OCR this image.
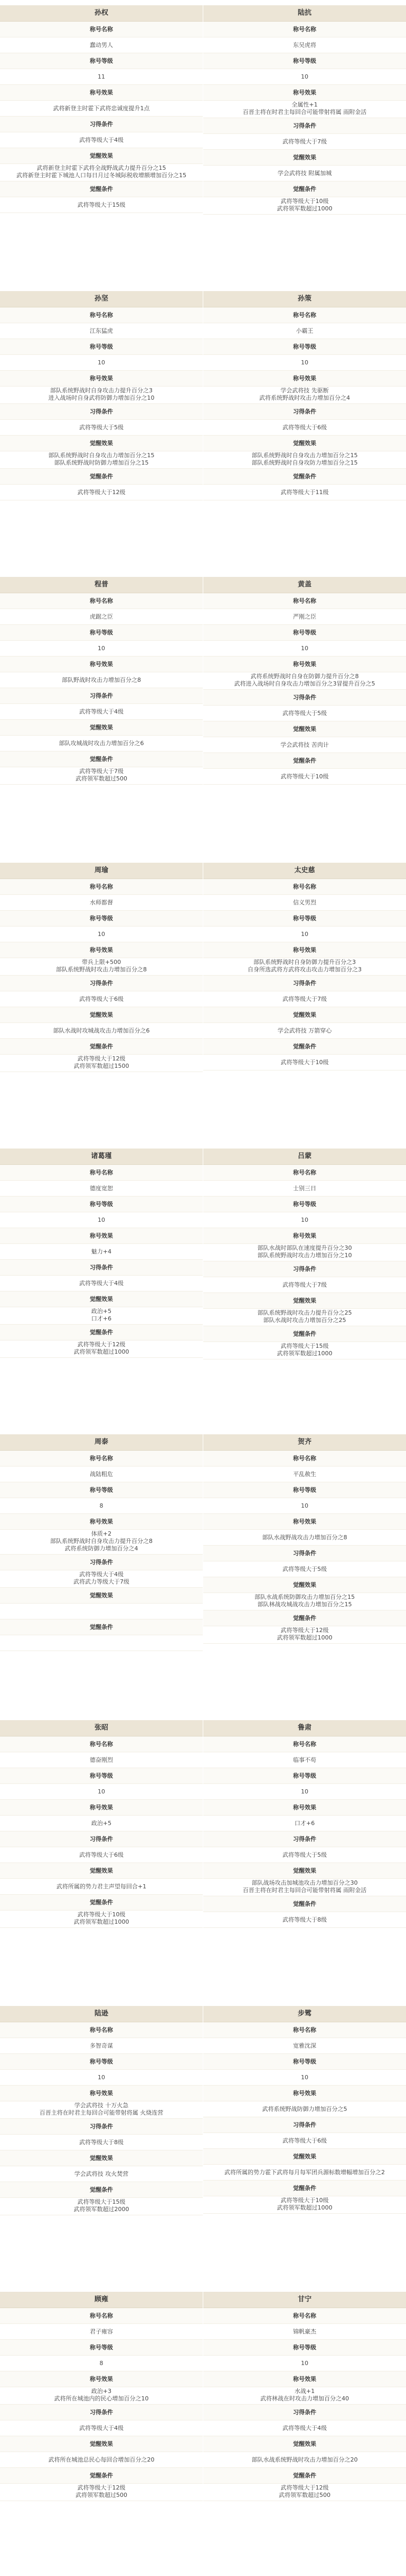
孙权
称号名称
蠢动男人
称号等级
11
称号效果
武将新登主时霍下武将忠诚度提升1点
习得条件
武将等级大于4级
觉醒效果
武将新登主时霍下武将全战野战武力提升百分之15
武将新登主时霍下城池人口每日月过冬城际税收增额增加百分之15
觉醒条件
武将等级大于15级
陆抗
称号名称
东吴虎将
称号等级
10
称号效果
全属性+1
百晋主将在时君主每回合可能带射将属 雨附金活
习得条件
武将等级大于7级
觉醒效果
学会武将技 附属加城
觉醒条件
武将等级大于10级
武将领军数超过1000
孙坚
称号名称
江东猛虎
称号等级
10
称号效果
部队系统野战时自身攻击力提升百分之3
进入战场时自身武将防御力增加百分之10
习得条件
武将等级大于5级
觉醒效果
部队系统野战时自身攻击力增加百分之15
部队系统野战时防御力增加百分之15
觉醒条件
武将等级大于12级
孙策
称号名称
小霸王
称号等级
10
称号效果
学会武将技 先驱断
武将系统野战时攻击力增加百分之4
习得条件
武将等级大于6级
觉醒效果
部队系统野战时自身攻击力增加百分之15
部队系统野战时自身攻防力增加百分之15
觉醒条件
武将等级大于11级
程普
称号名称
虎踞之臣
称号等级
10
称号效果
部队野战时攻击力增加百分之8
习得条件
武将等级大于4级
觉醒效果
部队攻城战时攻击力增加百分之6
觉醒条件
武将等级大于7级
武将领军数超过500
黄盖
称号名称
严刚之臣
称号等级
10
称号效果
武将系统野战时自身在防御力提升百分之8
武将进入战场时自身攻击力增加百分之3冒提升百分之5
习得条件
武将等级大于5级
觉醒效果
学会武将技 苦肉计
觉醒条件
武将等级大于10级
周瑜
称号名称
水师都督
称号等级
10
称号效果
带兵上限+500
部队系统野战时攻击力增加百分之8
习得条件
武将等级大于6级
觉醒效果
部队水战时攻城战攻击力增加百分之6
觉醒条件
武将等级大于12级
武将领军数超过1500
太史慈
称号名称
信义男烈
称号等级
10
称号效果
部队系统野战时自身防御力提升百分之3
自身所选武将方武将攻击攻击力增加百分之3
习得条件
武将等级大于7级
觉醒效果
学会武将技 万箭穿心
觉醒条件
武将等级大于10级
诸葛瑾
称号名称
德度宽恕
称号等级
10
称号效果
魅力+4
习得条件
武将等级大于4级
觉醒效果
政治+5
口才+6
觉醒条件
武将等级大于12级
武将领军数超过1000
吕蒙
称号名称
士别三日
称号等级
10
称号效果
部队水战时部队在速度提升百分之30
部队系统野战时攻击力增加百分之10
习得条件
武将等级大于7级
觉醒效果
部队系统野战时攻击力提升百分之25
部队水战时攻击力增加百分之25
觉醒条件
武将等级大于15级
武将领军数超过1000
周泰
称号名称
战陆粗危
称号等级
8
称号效果
体质+2
部队系统野战时自身攻击力提升百分之8
武将系统防御力增加百分之4
习得条件
武将等级大于4级
武将武力等级大于7级
觉醒效果
觉醒条件
贺齐
称号名称
平乱赦生
称号等级
10
称号效果
部队水战野战攻击力增加百分之8
习得条件
武将等级大于5级
觉醒效果
部队水战系统防御攻击力增加百分之15
部队林战攻城战攻击力增加百分之15
觉醒条件
武将等级大于12级
武将领军数超过1000
张昭
称号名称
德奋刚烈
称号等级
10
称号效果
政治+5
习得条件
武将等级大于6级
觉醒效果
武将所属的势力君主声望每回合+1
觉醒条件
武将等级大于10级
武将领军数超过1000
鲁肃
称号名称
临事不苟
称号等级
10
称号效果
口才+6
习得条件
武将等级大于5级
觉醒效果
部队战场攻击加城池攻击力增加百分之30
百晋主将在时君主每回合可能带射将属 雨附金活
觉醒条件
武将等级大于8级
陆逊
称号名称
多智奇谋
称号等级
10
称号效果
学会武将技 十万火急
百晋主将在时君主每回合可能带射将属 火烧连营
习得条件
武将等级大于8级
觉醒效果
学会武将技 攻火焚营
觉醒条件
武将等级大于15级
武将领军数超过2000
步骘
称号名称
宽雅沈深
称号等级
10
称号效果
武将系统野战防御力增加百分之5
习得条件
武将等级大于6级
觉醒效果
武将所属的势力霍下武将每月每军团兵源标数增幅增加百分之2
觉醒条件
武将等级大于10级
武将领军数超过1000
顾雍
称号名称
君子雍容
称号等级
8
称号效果
政治+3
武将所在城池内的民心增加百分之10
习得条件
武将等级大于4级
觉醒效果
武将所在城池总民心每回合增加百分之20
觉醒条件
武将等级大于12级
武将领军数超过500
甘宁
称号名称
锦帆豪杰
称号等级
10
称号效果
水战+1
武将林战在时攻击力增加百分之40
习得条件
武将等级大于4级
觉醒效果
部队水战系统野战时攻击力增加百分之20
觉醒条件
武将等级大于12级
武将领军数超过500
